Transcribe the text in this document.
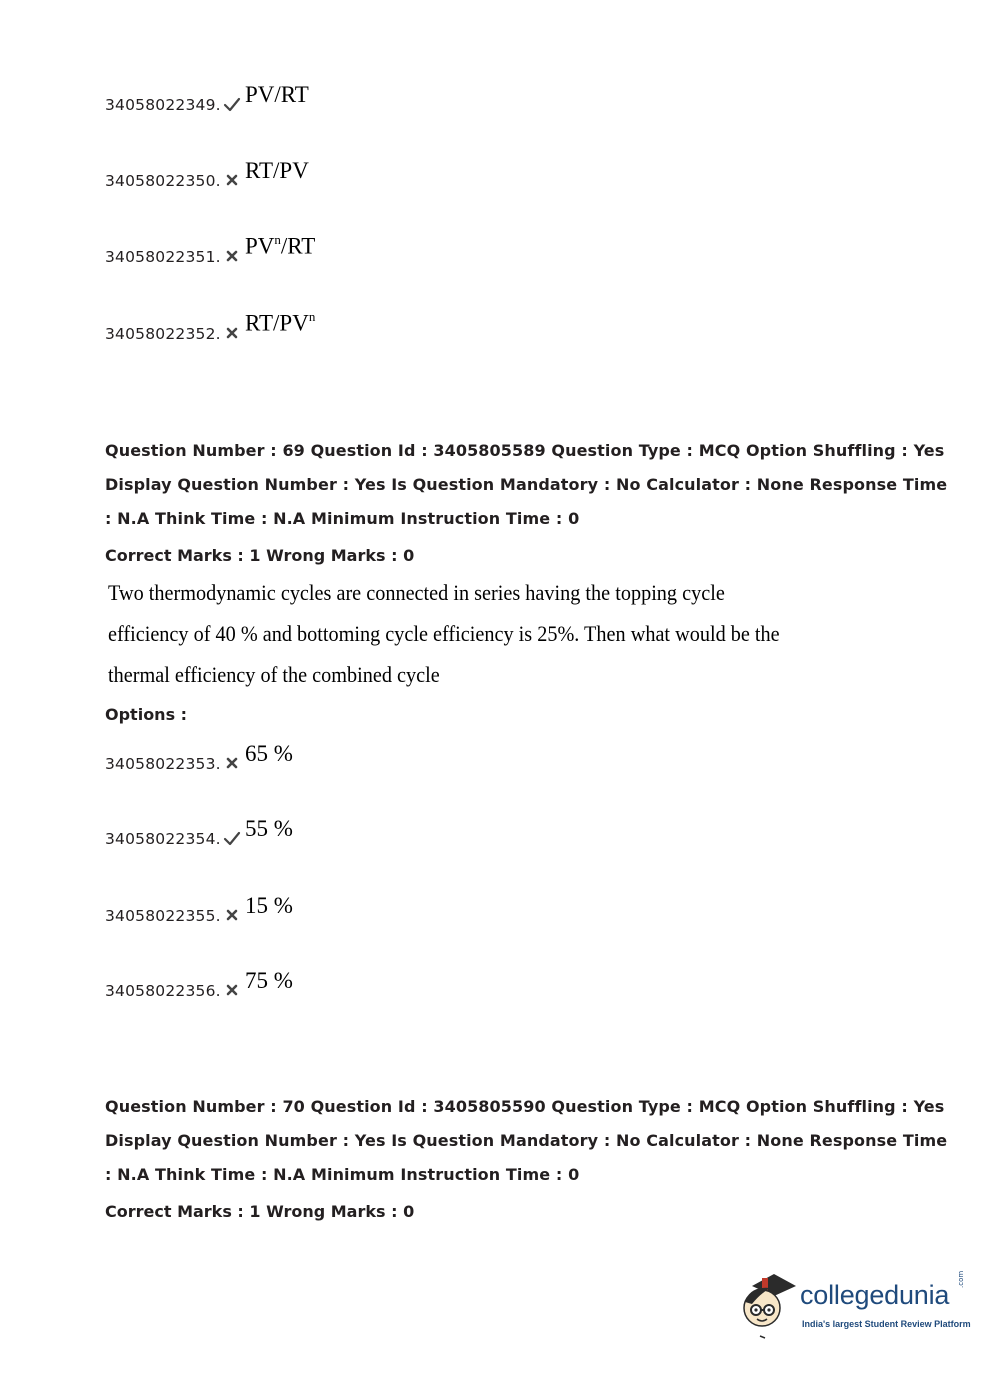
34058022349. PV/RT
34058022350. RT/PV
34058022351. $PV^n/RT$
34058022352. $RT/PV^n$
Question Number : 69 Question Id : 3405805589 Question Type : MCQ Option Shuffling : Yes
Display Question Number : Yes Is Question Mandatory : No Calculator : None Response Time
: N.A Think Time : N.A Minimum Instruction Time : 0
Correct Marks : 1 Wrong Marks : 0
Two thermodynamic cycles are connected in series having the topping cycle
efficiency of 40 % and bottoming cycle efficiency is 25%. Then what would be the
thermal efficiency of the combined cycle
Options :
34058022353. 65 %
34058022354. 55 %
34058022355. 15 %
34058022356. 75 %
Question Number : 70 Question Id : 3405805590 Question Type : MCQ Option Shuffling : Yes
Display Question Number : Yes Is Question Mandatory : No Calculator : None Response Time
: N.A Think Time : N.A Minimum Instruction Time : 0
Correct Marks : 1 Wrong Marks : 0
collegedunia
.com
India's largest Student Review Platform
